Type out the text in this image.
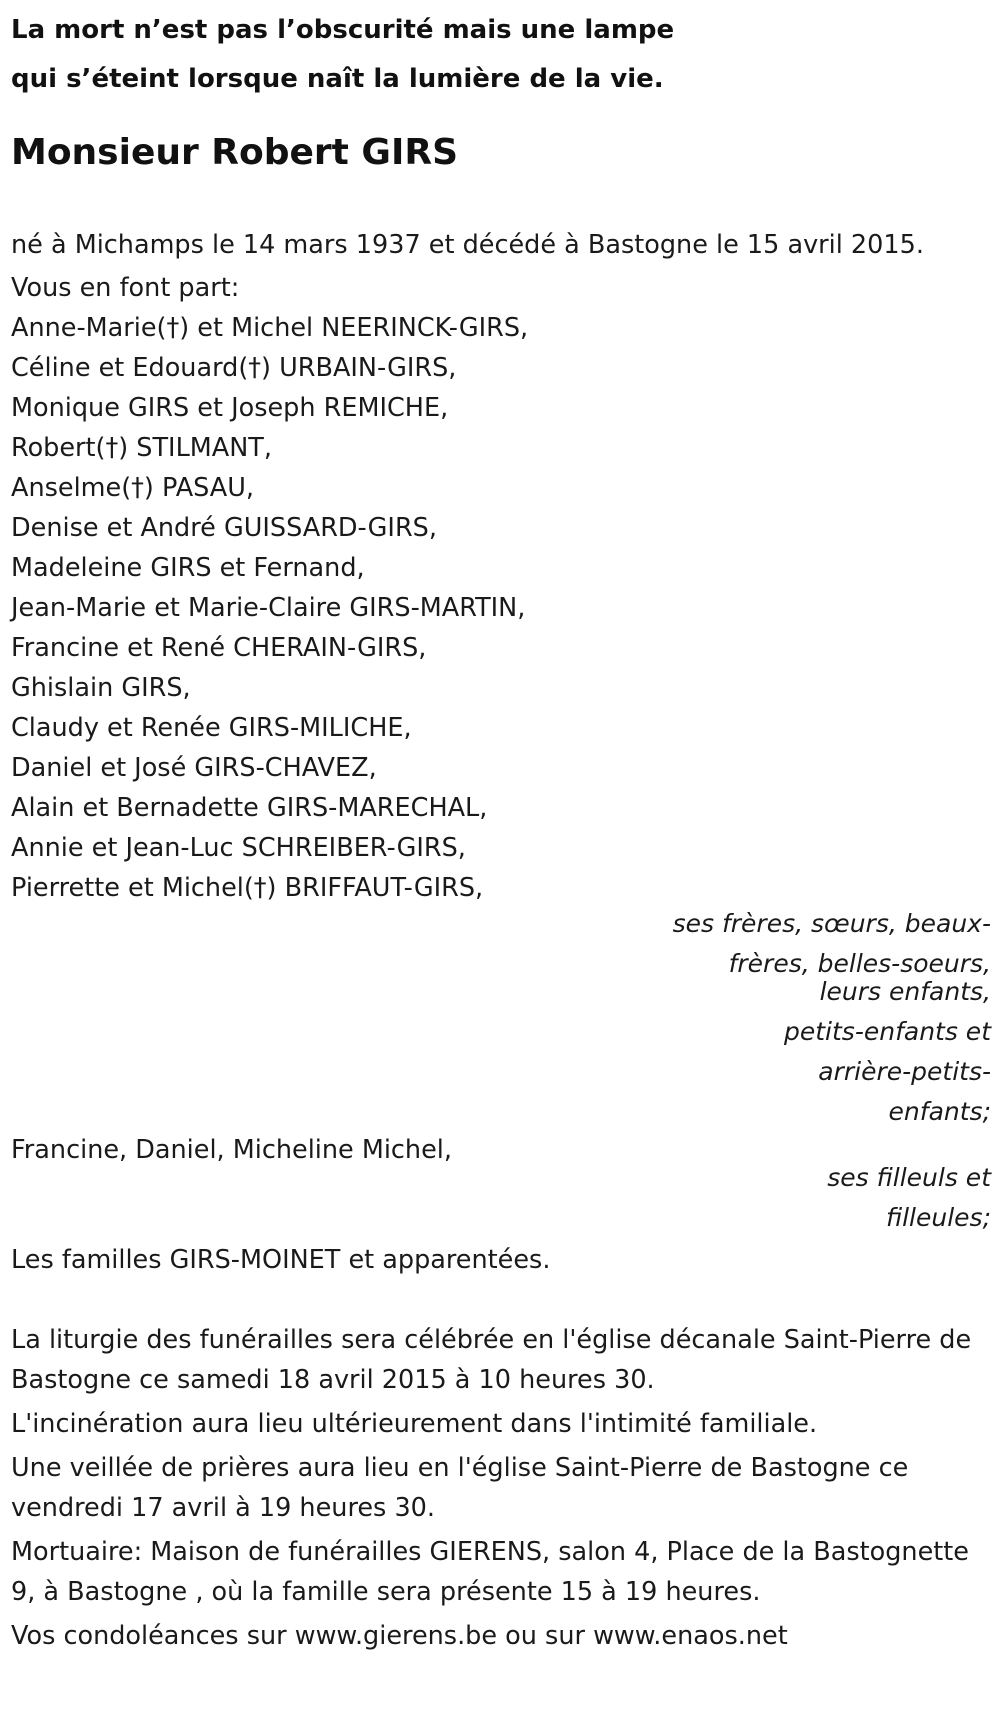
La mort n’est pas l’obscurité mais une lampe
qui s’éteint lorsque naît la lumière de la vie.
Monsieur Robert GIRS

né à Michamps le 14 mars 1937 et décédé à Bastogne le 15 avril 2015.

Vous en font part:

Anne-Marie(†) et Michel NEERINCK-GIRS,
Céline et Edouard(†) URBAIN-GIRS,
Monique GIRS et Joseph REMICHE,
Robert(†) STILMANT,
Anselme(†) PASAU,
Denise et André GUISSARD-GIRS,
Madeleine GIRS et Fernand,
Jean-Marie et Marie-Claire GIRS-MARTIN,
Francine et René CHERAIN-GIRS,
Ghislain GIRS,
Claudy et Renée GIRS-MILICHE,
Daniel et José GIRS-CHAVEZ,
Alain et Bernadette GIRS-MARECHAL,
Annie et Jean-Luc SCHREIBER-GIRS,
Pierrette et Michel(†) BRIFFAUT-GIRS,
ses frères, sœurs, beaux-frères, belles-soeurs,
leurs enfants, petits-enfants et arrière-petits-enfants;

Francine, Daniel, Micheline Michel,

ses filleuls et filleules;

Les familles GIRS-MOINET et apparentées.

La liturgie des funérailles sera célébrée en l'église décanale Saint-Pierre de Bastogne ce samedi 18 avril 2015 à 10 heures 30.

L'incinération aura lieu ultérieurement dans l'intimité familiale.

Une veillée de prières aura lieu en l'église Saint-Pierre de Bastogne ce vendredi 17 avril à 19 heures 30.

Mortuaire: Maison de funérailles GIERENS, salon 4, Place de la Bastognette 9, à Bastogne , où la famille sera présente 15 à 19 heures.

Vos condoléances sur www.gierens.be ou sur www.enaos.net
